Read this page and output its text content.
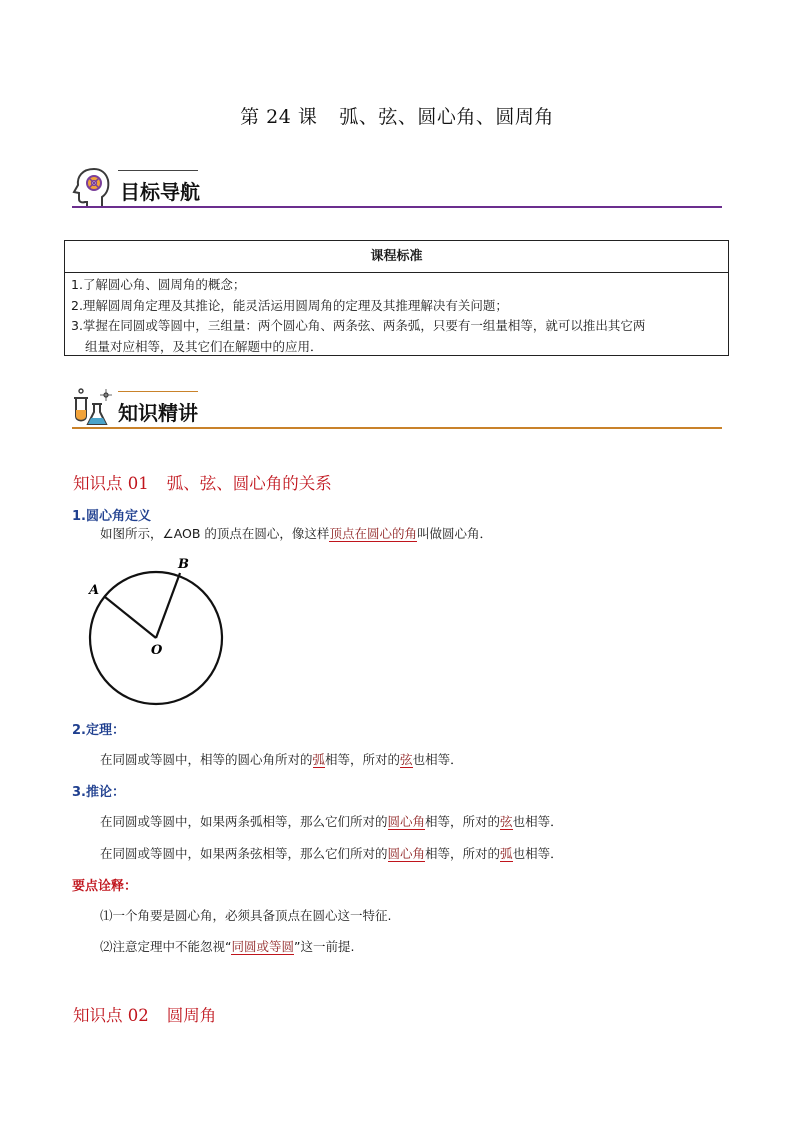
第 24 课 弧、弦、圆心角、圆周角
目标导航
课程标准
1.了解圆心角、圆周角的概念；
2.理解圆周角定理及其推论，能灵活运用圆周角的定理及其推理解决有关问题；
3.掌握在同圆或等圆中，三组量：两个圆心角、两条弦、两条弧，只要有一组量相等，就可以推出其它两
组量对应相等，及其它们在解题中的应用．
知识精讲
知识点 01 弧、弦、圆心角的关系
1.圆心角定义
如图所示，∠AOB 的顶点在圆心，像这样顶点在圆心的角叫做圆心角．
A
B
O
2.定理：
在同圆或等圆中，相等的圆心角所对的弧相等，所对的弦也相等．
3.推论：
在同圆或等圆中，如果两条弧相等，那么它们所对的圆心角相等，所对的弦也相等．
在同圆或等圆中，如果两条弦相等，那么它们所对的圆心角相等，所对的弧也相等．
要点诠释：
⑴一个角要是圆心角，必须具备顶点在圆心这一特征.
⑵注意定理中不能忽视“同圆或等圆”这一前提.
知识点 02 圆周角
